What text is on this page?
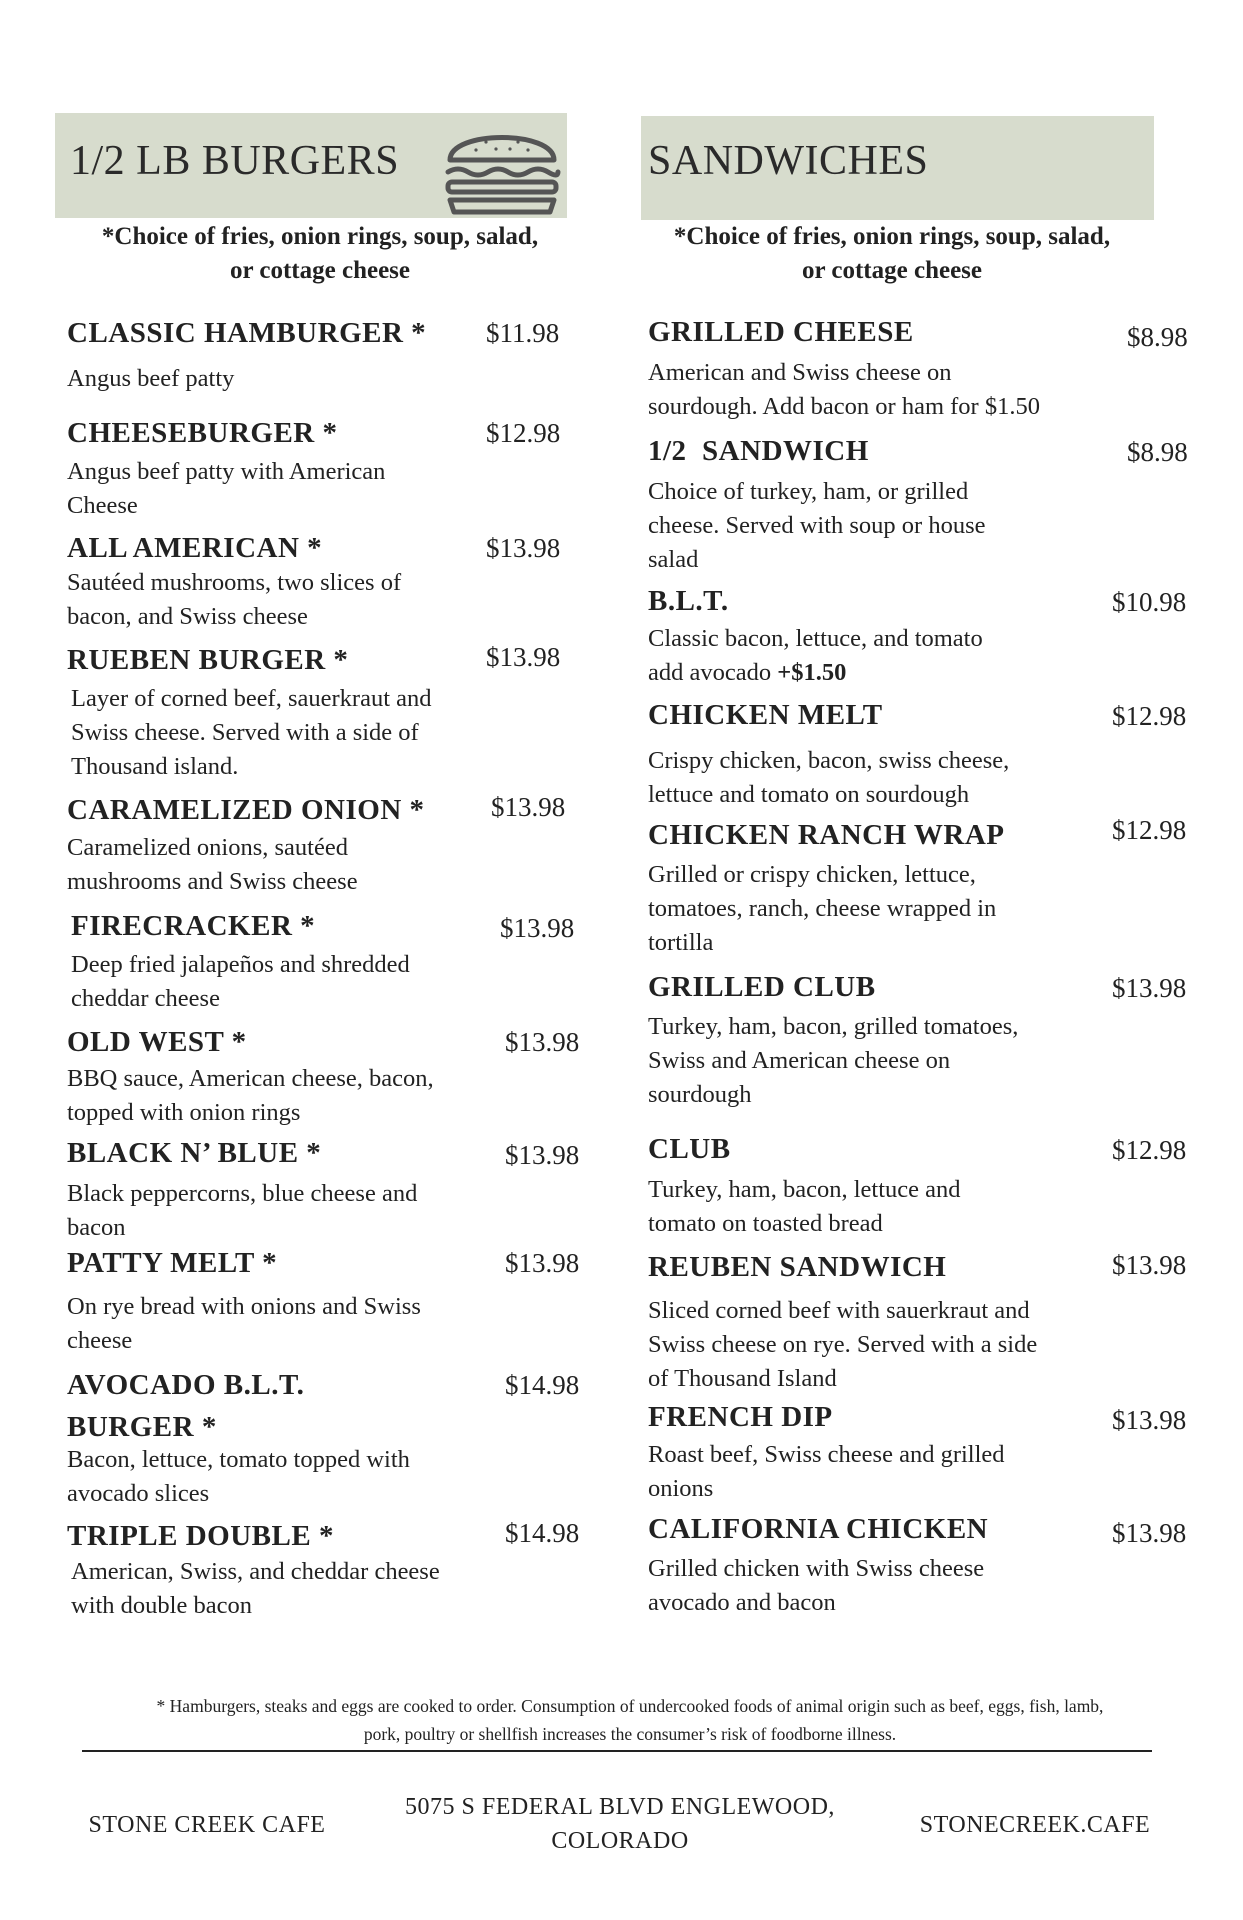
1/2 LB BURGERS	SANDWICHES
*Choice of fries, onion rings, soup, salad,
or cottage cheese
*Choice of fries, onion rings, soup, salad,
or cottage cheese
CLASSIC HAMBURGER * $11.98
Angus beef patty
CHEESEBURGER *	$12.98
Angus beef patty with American
Cheese
ALL AMERICAN *	$13.98
Sautéed mushrooms, two slices of
bacon, and Swiss cheese
RUEBEN BURGER *	$13.98
Layer of corned beef, sauerkraut and
Swiss cheese. Served with a side of
Thousand island.
CARAMELIZED ONION * $13.98
Caramelized onions, sautéed
mushrooms and Swiss cheese
FIRECRACKER *	$13.98
Deep fried jalapeños and shredded
cheddar cheese
OLD WEST *	$13.98
BBQ sauce, American cheese, bacon,
topped with onion rings
BLACK N’ BLUE *	$13.98
Black peppercorns, blue cheese and
bacon
PATTY MELT *	$13.98
On rye bread with onions and Swiss
cheese
AVOCADO B.L.T.
BURGER *
$14.98
Bacon, lettuce, tomato topped with
avocado slices
TRIPLE DOUBLE *	$14.98
American, Swiss, and cheddar cheese
with double bacon
GRILLED CHEESE	$8.98
American and Swiss cheese on
sourdough. Add bacon or ham for $1.50
1/2  SANDWICH	$8.98
Choice of turkey, ham, or grilled
cheese. Served with soup or house
salad
B.L.T.	$10.98
Classic bacon, lettuce, and tomato
add avocado +$1.50
CHICKEN MELT	$12.98
Crispy chicken, bacon, swiss cheese,
lettuce and tomato on sourdough
CHICKEN RANCH WRAP	$12.98
Grilled or crispy chicken, lettuce,
tomatoes, ranch, cheese wrapped in
tortilla
GRILLED CLUB	$13.98
Turkey, ham, bacon, grilled tomatoes,
Swiss and American cheese on
sourdough
CLUB	$12.98
Turkey, ham, bacon, lettuce and
tomato on toasted bread
REUBEN SANDWICH	$13.98
Sliced corned beef with sauerkraut and
Swiss cheese on rye. Served with a side
of Thousand Island
FRENCH DIP	$13.98
Roast beef, Swiss cheese and grilled
onions
CALIFORNIA CHICKEN	$13.98
Grilled chicken with Swiss cheese
avocado and bacon
* Hamburgers, steaks and eggs are cooked to order. Consumption of undercooked foods of animal origin such as beef, eggs, fish, lamb,
pork, poultry or shellfish increases the consumer’s risk of foodborne illness.
STONE CREEK CAFE
5075 S FEDERAL BLVD ENGLEWOOD,
COLORADO
STONECREEK.CAFE
